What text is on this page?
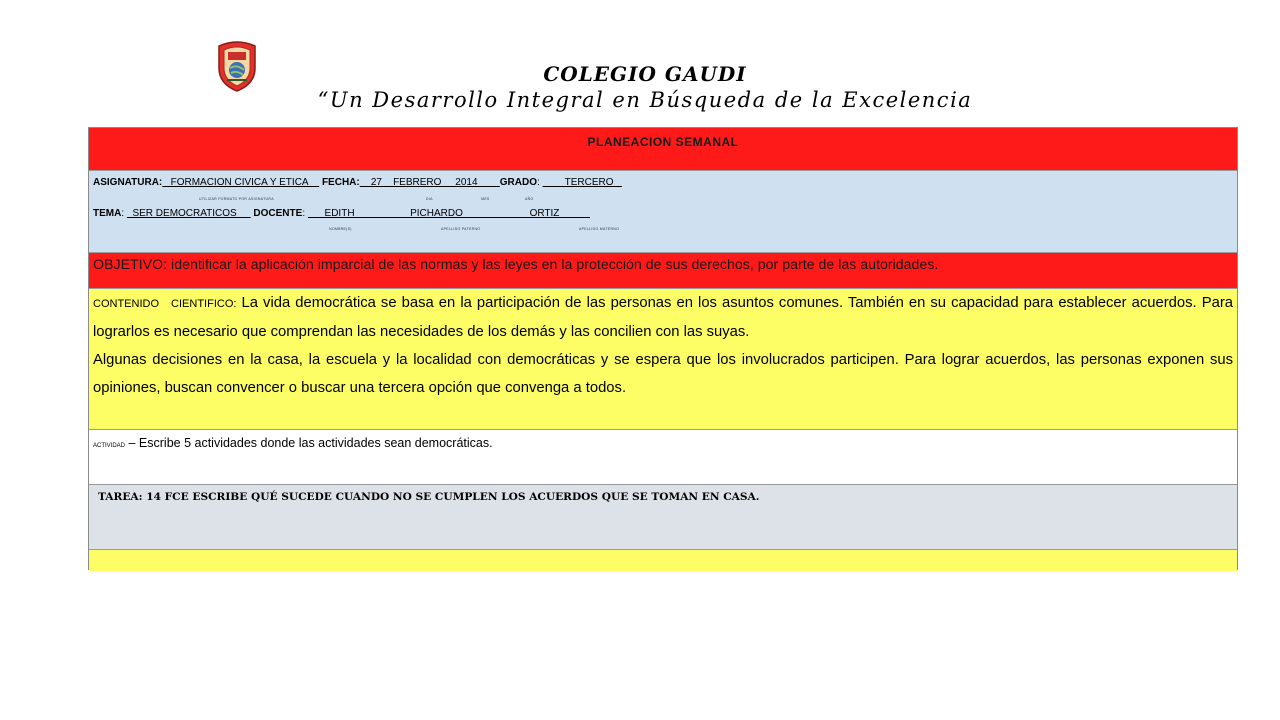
COLEGIO GAUDI
“Un Desarrollo Integral en Búsqueda de la Excelencia
PLANEACION SEMANAL
ASIGNATURA:   FORMACION CIVICA Y ETICA     FECHA:    27    FEBRERO     2014        GRADO:         TERCERO
UTILIZAR FORMATO POR ASIGNATURA	DIA	MES	AÑO
TEMA:   SER DEMOCRATICOS      DOCENTE:       EDITH                    PICHARDO                        ORTIZ
NOMBRE(S)	APELLIDO PATERNO	APELLIDO MATERNO
OBJETIVO: identificar la aplicación imparcial de las normas y las leyes en la protección de sus derechos, por parte de las autoridades.
CONTENIDO   CIENTIFICO: La vida democrática se basa en la participación de las personas en los asuntos comunes. También en su capacidad para establecer acuerdos. Para lograrlos es necesario que comprendan las necesidades de los demás y las concilien con las suyas.
Algunas decisiones en la casa, la escuela y la localidad con democráticas y se espera que los involucrados participen. Para lograr acuerdos, las personas exponen sus opiniones, buscan convencer o buscar una tercera opción que convenga a todos.
ACTIVIDAD – Escribe 5 actividades donde las actividades sean democráticas.
TAREA: 14 FCE ESCRIBE QUÉ SUCEDE CUANDO NO SE CUMPLEN LOS ACUERDOS QUE SE TOMAN EN CASA.
